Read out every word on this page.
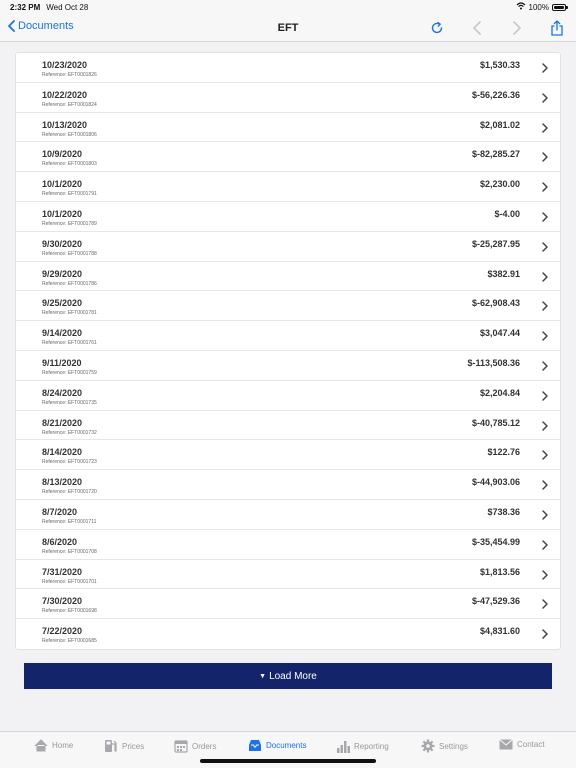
2:32 PM Wed Oct 28	100%
Documents	EFT
10/23/2020
Reference: EFT0001826
$1,530.33
10/22/2020
Reference: EFT0001824
$-56,226.36
10/13/2020
Reference: EFT0001806
$2,081.02
10/9/2020
Reference: EFT0001803
$-82,285.27
10/1/2020
Reference: EFT0001791
$2,230.00
10/1/2020
Reference: EFT0001789
$-4.00
9/30/2020
Reference: EFT0001788
$-25,287.95
9/29/2020
Reference: EFT0001786
$382.91
9/25/2020
Reference: EFT0001781
$-62,908.43
9/14/2020
Reference: EFT0001761
$3,047.44
9/11/2020
Reference: EFT0001759
$-113,508.36
8/24/2020
Reference: EFT0001735
$2,204.84
8/21/2020
Reference: EFT0001732
$-40,785.12
8/14/2020
Reference: EFT0001723
$122.76
8/13/2020
Reference: EFT0001720
$-44,903.06
8/7/2020
Reference: EFT0001711
$738.36
8/6/2020
Reference: EFT0001708
$-35,454.99
7/31/2020
Reference: EFT0001701
$1,813.56
7/30/2020
Reference: EFT0001698
$-47,529.36
7/22/2020
Reference: EFT0001685
$4,831.60
▼ Load More
Home	Prices	Orders	Documents	Reporting	Settings	Contact
